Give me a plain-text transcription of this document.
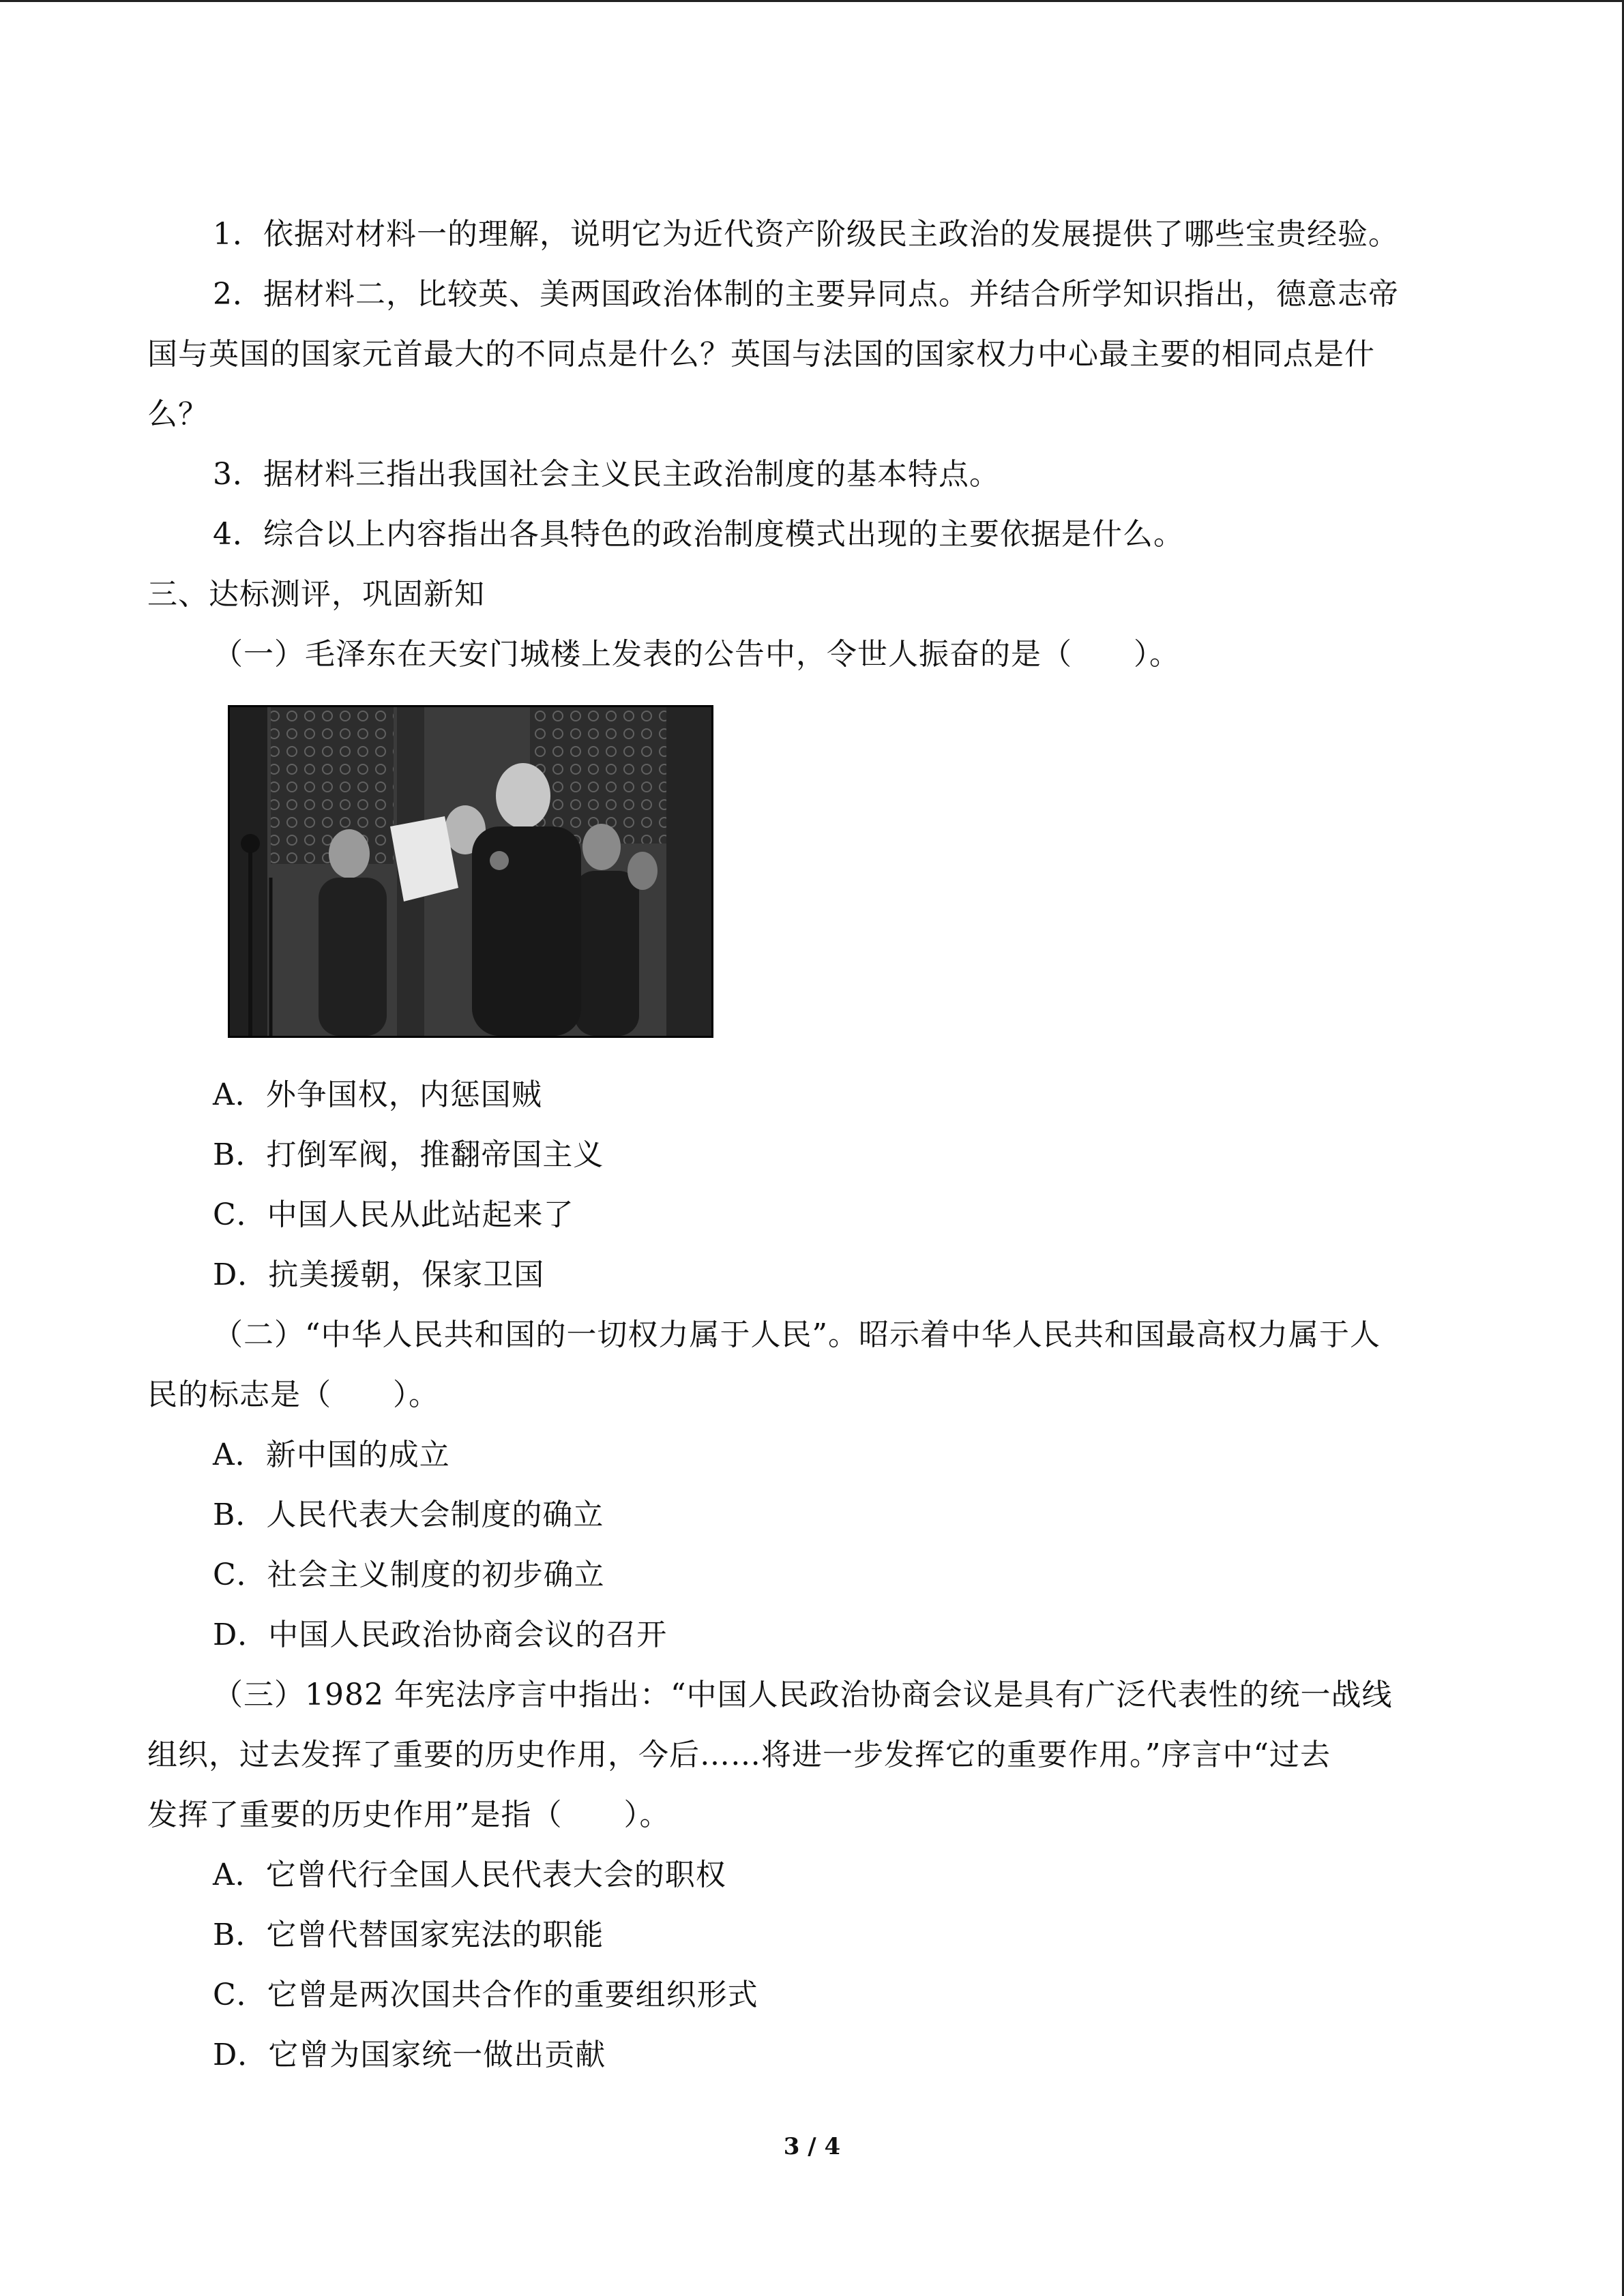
1．依据对材料一的理解，说明它为近代资产阶级民主政治的发展提供了哪些宝贵经验。
2．据材料二，比较英、美两国政治体制的主要异同点。并结合所学知识指出，德意志帝
国与英国的国家元首最大的不同点是什么？英国与法国的国家权力中心最主要的相同点是什
么？
3．据材料三指出我国社会主义民主政治制度的基本特点。
4．综合以上内容指出各具特色的政治制度模式出现的主要依据是什么。
三、达标测评，巩固新知
（一）毛泽东在天安门城楼上发表的公告中，令世人振奋的是（　　）。
A．外争国权，内惩国贼
B．打倒军阀，推翻帝国主义
C．中国人民从此站起来了
D．抗美援朝，保家卫国
（二）“中华人民共和国的一切权力属于人民”。昭示着中华人民共和国最高权力属于人
民的标志是（　　）。
A．新中国的成立
B．人民代表大会制度的确立
C．社会主义制度的初步确立
D．中国人民政治协商会议的召开
（三）1982 年宪法序言中指出：“中国人民政治协商会议是具有广泛代表性的统一战线
组织，过去发挥了重要的历史作用，今后……将进一步发挥它的重要作用。”序言中“过去
发挥了重要的历史作用”是指（　　）。
A．它曾代行全国人民代表大会的职权
B．它曾代替国家宪法的职能
C．它曾是两次国共合作的重要组织形式
D．它曾为国家统一做出贡献
3 / 4
